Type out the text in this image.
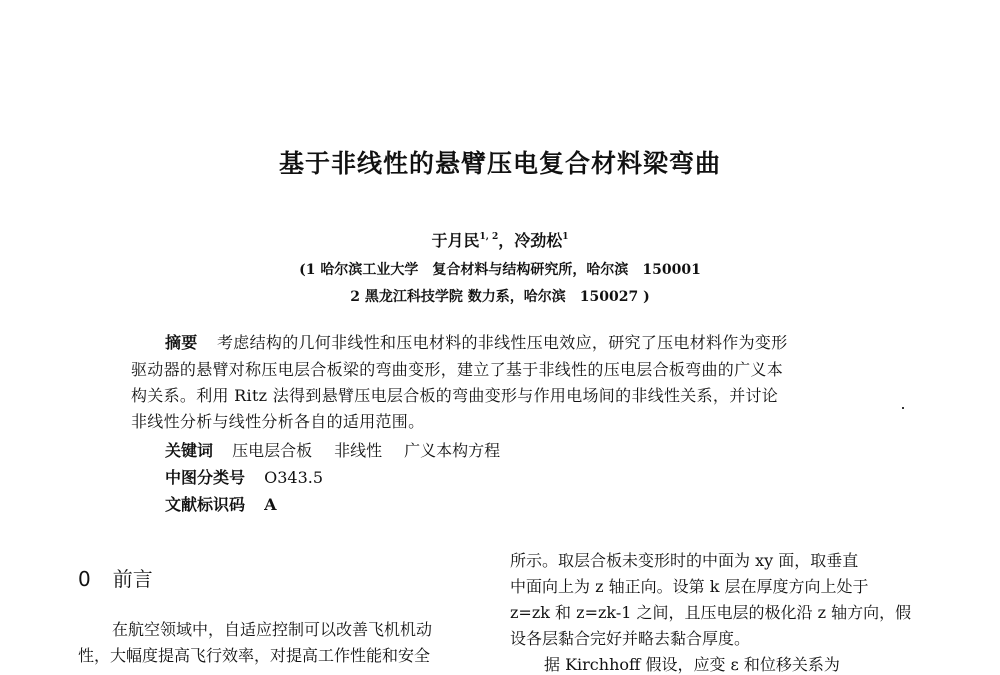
基于非线性的悬臂压电复合材料梁弯曲
于月民$^{1, 2}$，冷劲松$^1$
(1 哈尔滨工业大学　复合材料与结构研究所，哈尔滨　150001
2 黑龙江科技学院 数力系，哈尔滨　150027 )
摘要 考虑结构的几何非线性和压电材料的非线性压电效应，研究了压电材料作为变形
驱动器的悬臂对称压电层合板梁的弯曲变形，建立了基于非线性的压电层合板弯曲的广义本
构关系。利用 Ritz 法得到悬臂压电层合板的弯曲变形与作用电场间的非线性关系，并讨论
非线性分析与线性分析各自的适用范围。
关键词 压电层合板 非线性 广义本构方程
中图分类号 O343.5
文献标识码 A
0 前言
在航空领域中，自适应控制可以改善飞机机动
性，大幅度提高飞行效率，对提高工作性能和安全
所示。取层合板未变形时的中面为 xy 面，取垂直
中面向上为 z 轴正向。设第 k 层在厚度方向上处于
z=zk 和 z=zk-1 之间，且压电层的极化沿 z 轴方向，假
设各层黏合完好并略去黏合厚度。
据 Kirchhoff 假设，应变 ε 和位移关系为
